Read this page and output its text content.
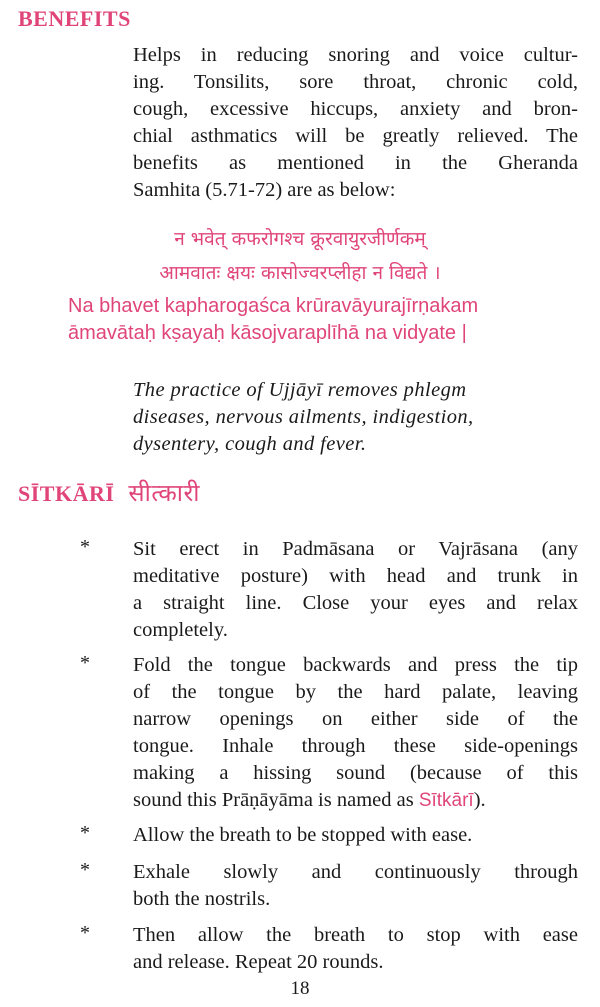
BENEFITS
Helps in reducing snoring and voice cultur-
ing. Tonsilits, sore throat, chronic cold,
cough, excessive hiccups, anxiety and bron-
chial asthmatics will be greatly relieved. The
benefits as mentioned in the Gheranda
Samhita (5.71-72) are as below:
न भवेत् कफरोगश्च क्रूरवायुरजीर्णकम्
आमवातः क्षयः कासोज्वरप्लीहा न विद्यते ।
Na bhavet kapharogaśca krūravāyurajīrṇakam
āmavātaḥ kṣayaḥ kāsojvaraplīhā na vidyate |
The practice of Ujjāyī removes phlegm
diseases, nervous ailments, indigestion,
dysentery, cough and fever.
SĪTKĀRĪ सीत्कारी
* Sit erect in Padmāsana or Vajrāsana (any
meditative posture) with head and trunk in
a straight line. Close your eyes and relax
completely.
* Fold the tongue backwards and press the tip
of the tongue by the hard palate, leaving
narrow openings on either side of the
tongue. Inhale through these side-openings
making a hissing sound (because of this
sound this Prāṇāyāma is named as Sītkārī).
* Allow the breath to be stopped with ease.
* Exhale slowly and continuously through
both the nostrils.
* Then allow the breath to stop with ease
and release. Repeat 20 rounds.
18
